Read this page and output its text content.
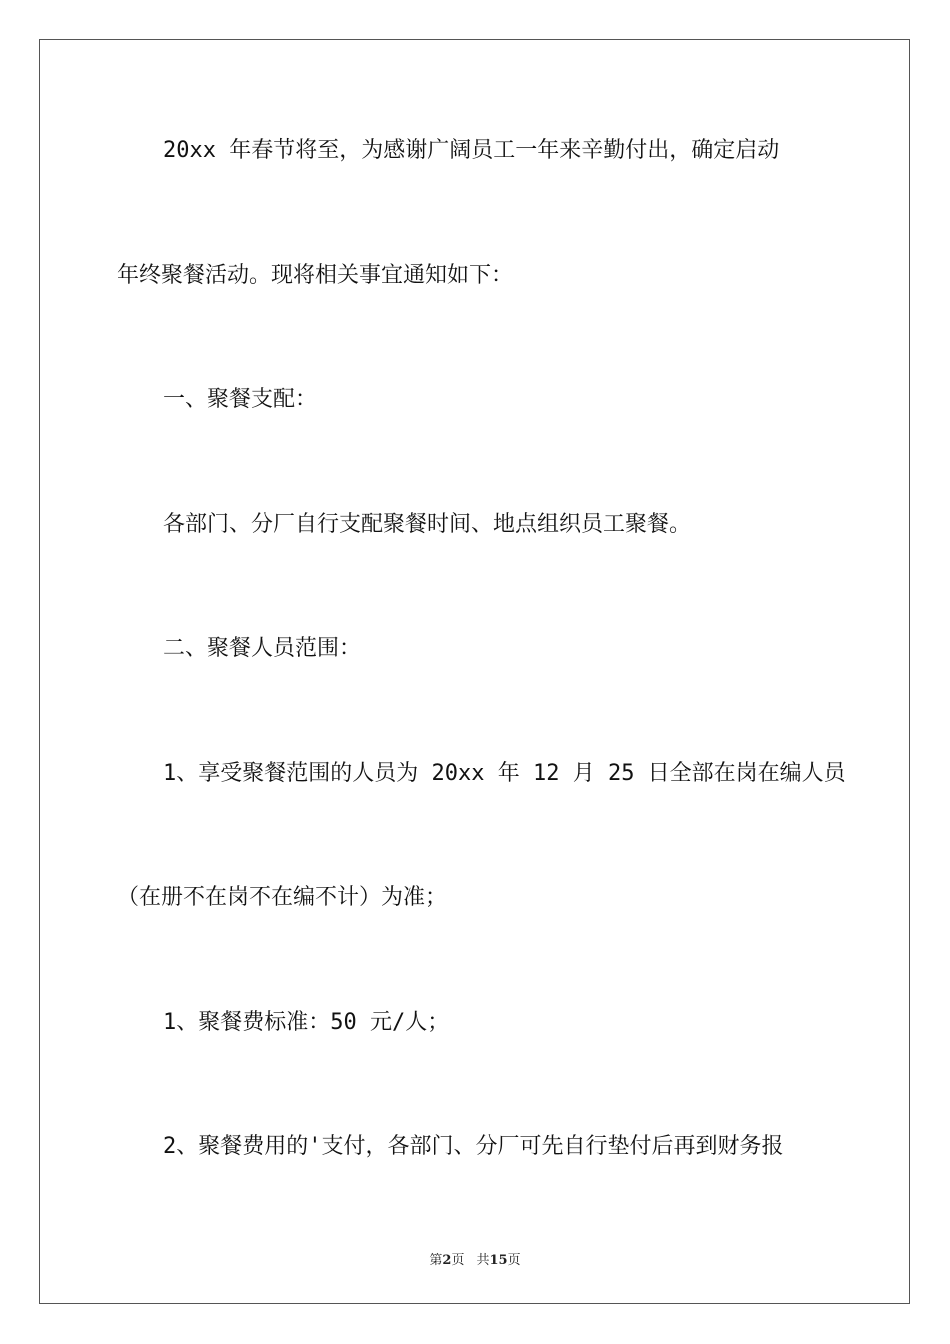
20xx 年春节将至，为感谢广阔员工一年来辛勤付出，确定启动
年终聚餐活动。现将相关事宜通知如下：
一、聚餐支配：
各部门、分厂自行支配聚餐时间、地点组织员工聚餐。
二、聚餐人员范围：
1、享受聚餐范围的人员为 20xx 年 12 月 25 日全部在岗在编人员
（在册不在岗不在编不计）为准；
1、聚餐费标准：50 元/人；
2、聚餐费用的'支付，各部门、分厂可先自行垫付后再到财务报
第2页 共15页
